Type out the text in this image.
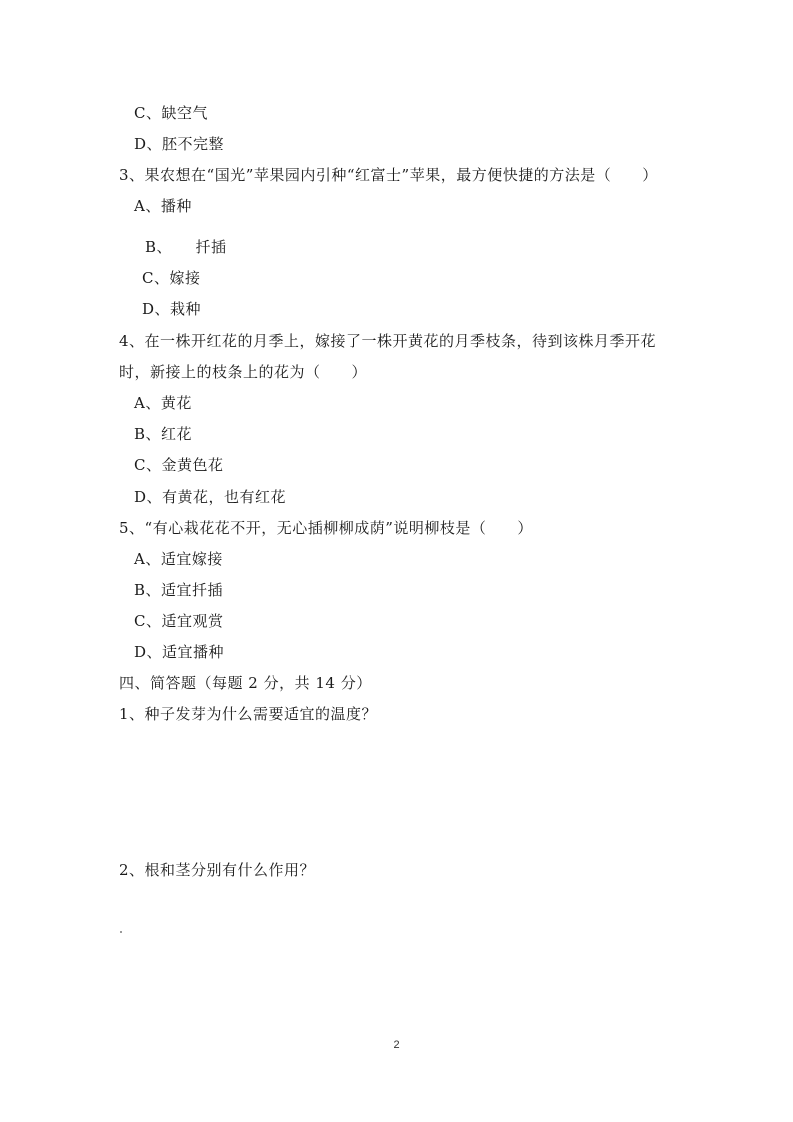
C、缺空气
D、胚不完整
3、果农想在“国光”苹果园内引种“红富士”苹果，最方便快捷的方法是（　　）
A、播种
B、　　扦插
C、嫁接
D、栽种
4、在一株开红花的月季上，嫁接了一株开黄花的月季枝条，待到该株月季开花
时，新接上的枝条上的花为（　　）
A、黄花
B、红花
C、金黄色花
D、有黄花，也有红花
5、“有心栽花花不开，无心插柳柳成荫”说明柳枝是（　　）
A、适宜嫁接
B、适宜扦插
C、适宜观赏
D、适宜播种
四、简答题（每题 2 分，共 14 分）
1、种子发芽为什么需要适宜的温度？
2、根和茎分别有什么作用？
2
